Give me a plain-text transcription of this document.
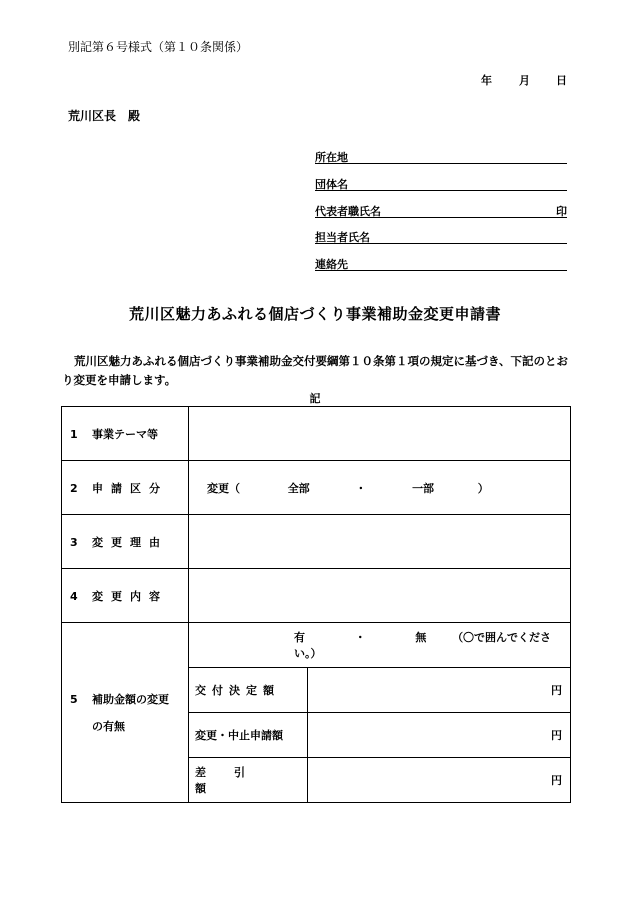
別記第６号様式（第１０条関係）
年 月 日
荒川区長　殿
所在地
団体名
代表者職氏名	印
担当者氏名
連絡先
荒川区魅力あふれる個店づくり事業補助金変更申請書
荒川区魅力あふれる個店づくり事業補助金交付要綱第１０条第１項の規定に基づき、下記のとおり変更を申請します。
記
1 事業テーマ等		
2 申請区分	変更（ 全部 ・ 一部 ）	
3 変更理由		
4 変更内容		

5 補助金額の変更
の有無	有 ・ 無 （〇で囲んでください。）	
	交付決定額	円
	変更・中止申請額	円
	差引額	円
